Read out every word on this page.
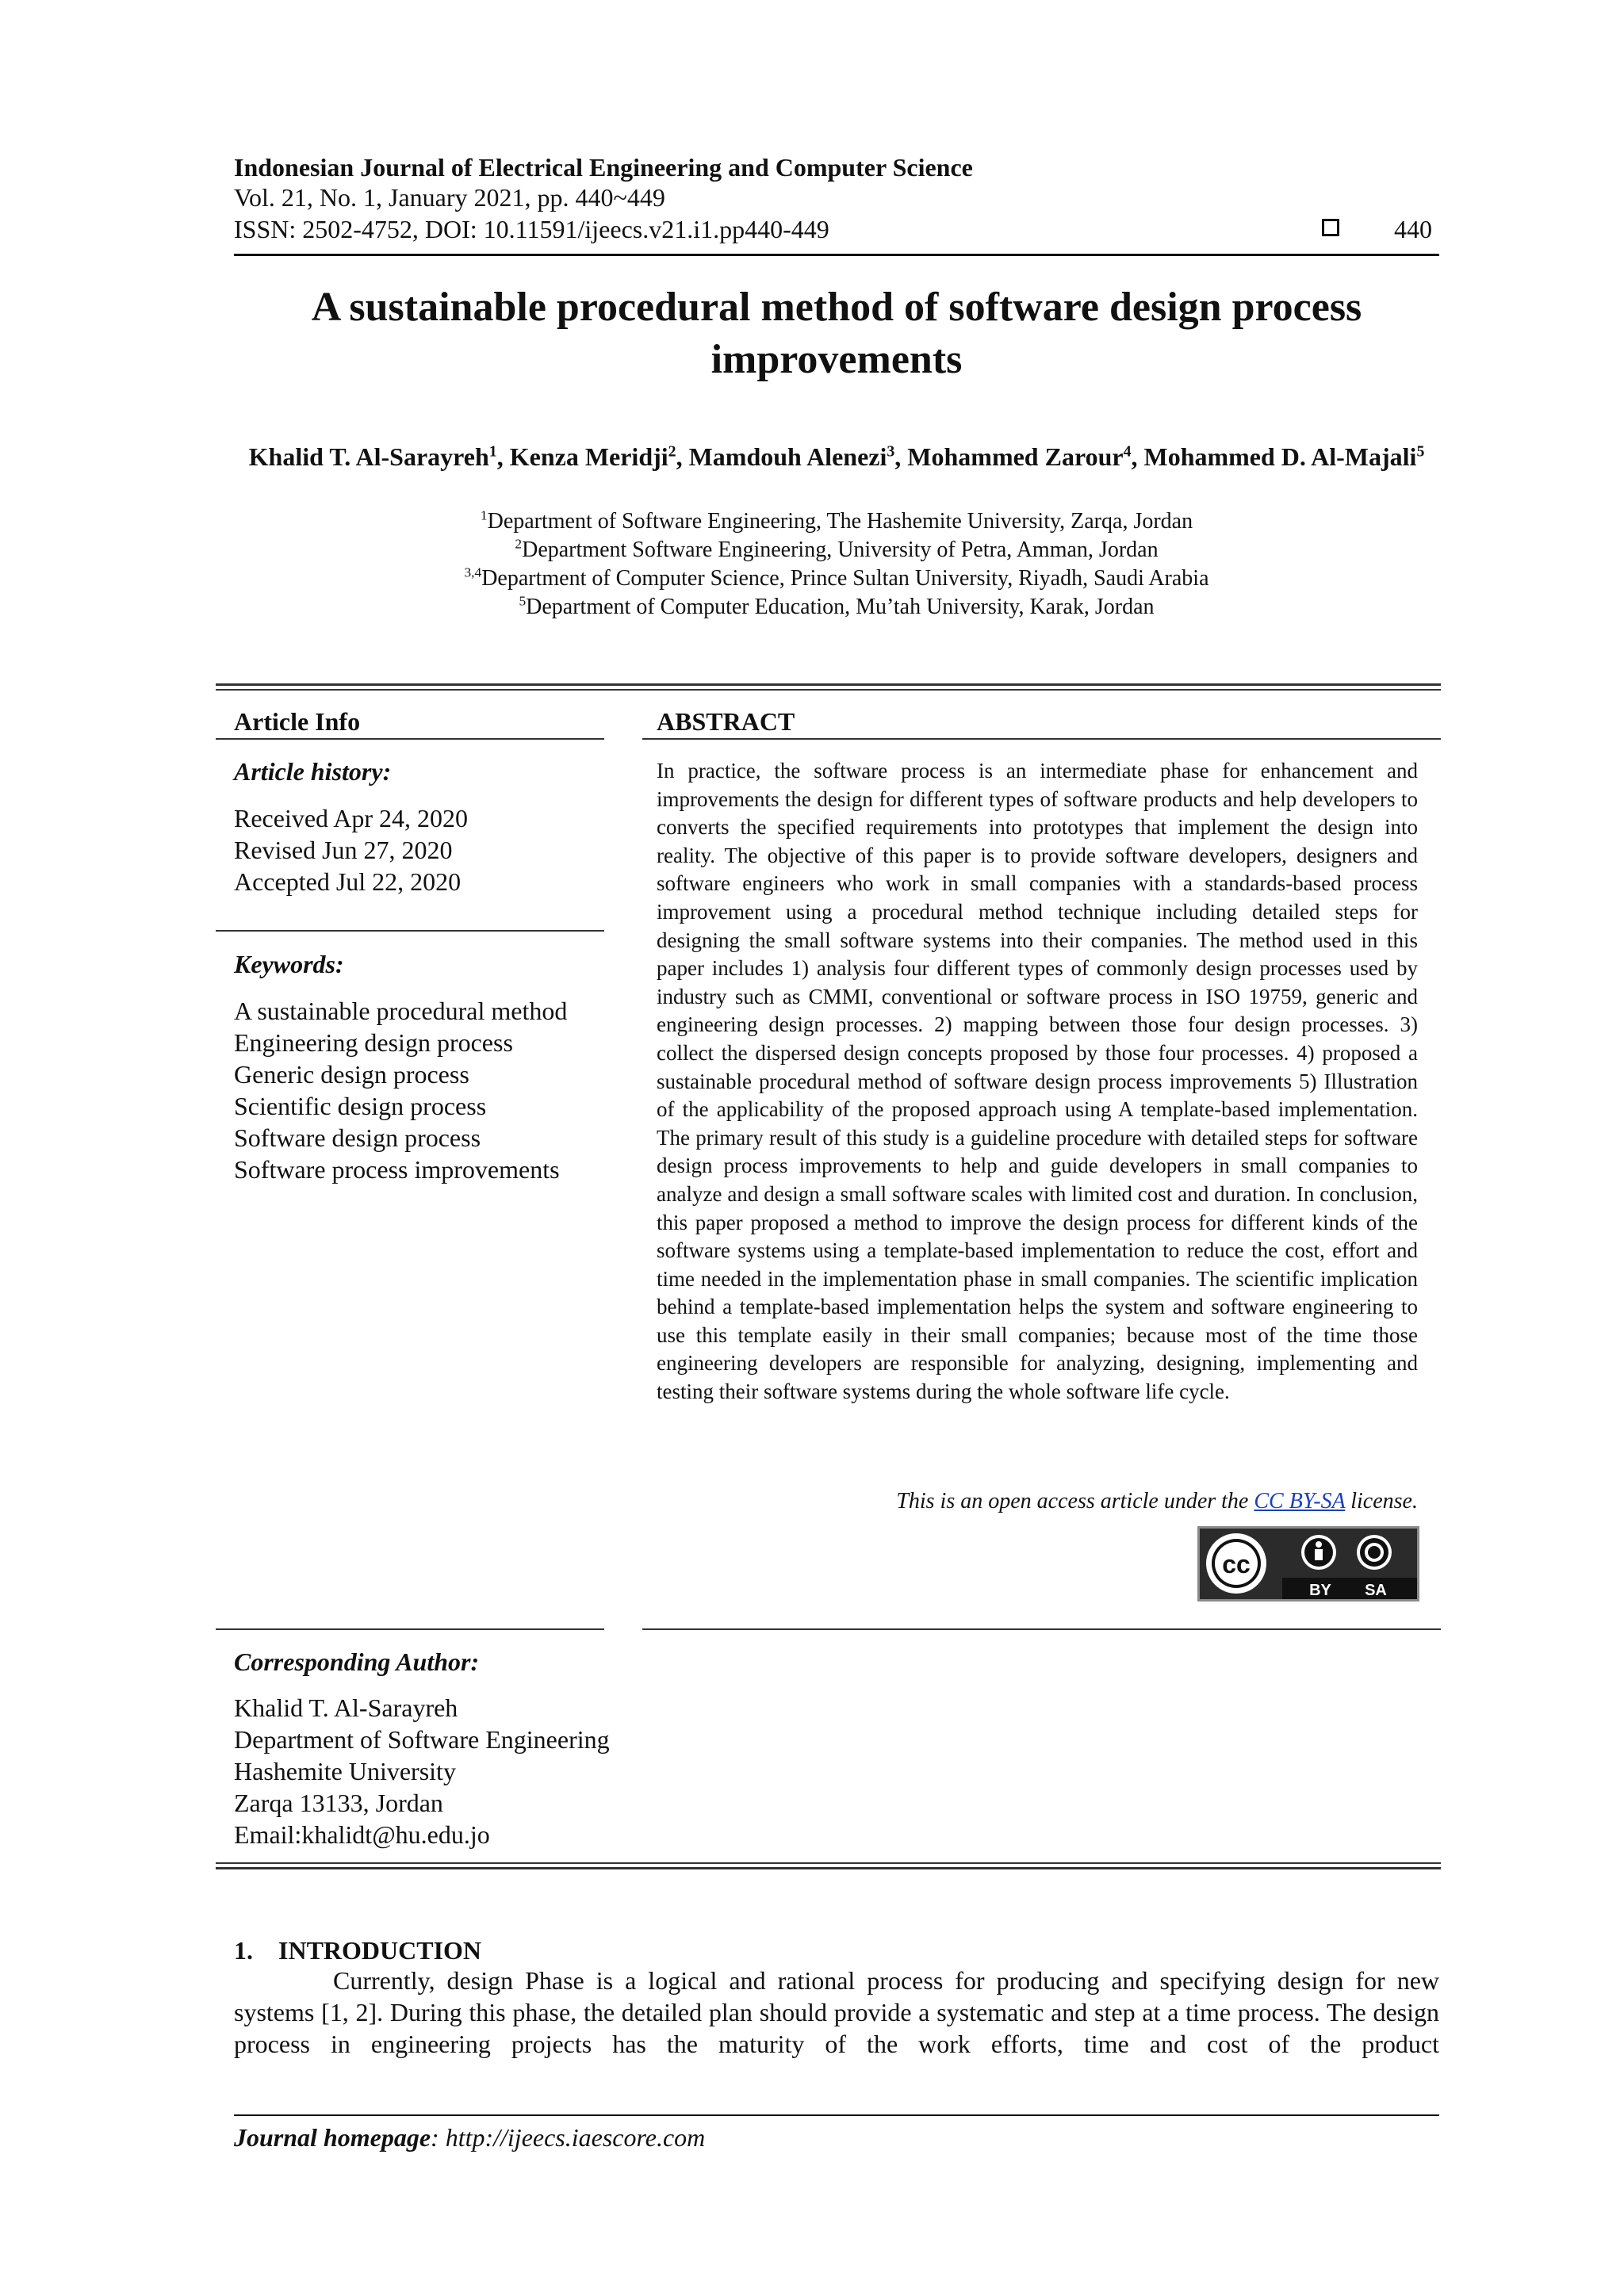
Indonesian Journal of Electrical Engineering and Computer Science
Vol. 21, No. 1, January 2021, pp. 440~449
ISSN: 2502-4752, DOI: 10.11591/ijeecs.v21.i1.pp440-449	440
A sustainable procedural method of software design process improvements
Khalid T. Al-Sarayreh$^1$, Kenza Meridji$^2$, Mamdouh Alenezi$^3$, Mohammed Zarour$^4$, Mohammed D. Al-Majali$^5$
$^1$Department of Software Engineering, The Hashemite University, Zarqa, Jordan
$^2$Department Software Engineering, University of Petra, Amman, Jordan
$^{3,4}$Department of Computer Science, Prince Sultan University, Riyadh, Saudi Arabia
$^5$Department of Computer Education, Mu’tah University, Karak, Jordan
Article Info
Article history:
Received Apr 24, 2020
Revised Jun 27, 2020
Accepted Jul 22, 2020
Keywords:
A sustainable procedural method
Engineering design process
Generic design process
Scientific design process
Software design process
Software process improvements
ABSTRACT
In practice, the software process is an intermediate phase for enhancement and improvements the design for different types of software products and help developers to converts the specified requirements into prototypes that implement the design into reality. The objective of this paper is to provide software developers, designers and software engineers who work in small companies with a standards-based process improvement using a procedural method technique including detailed steps for designing the small software systems into their companies. The method used in this paper includes 1) analysis four different types of commonly design processes used by industry such as CMMI, conventional or software process in ISO 19759, generic and engineering design processes. 2) mapping between those four design processes. 3) collect the dispersed design concepts proposed by those four processes. 4) proposed a sustainable procedural method of software design process improvements 5) Illustration of the applicability of the proposed approach using A template-based implementation. The primary result of this study is a guideline procedure with detailed steps for software design process improvements to help and guide developers in small companies to analyze and design a small software scales with limited cost and duration. In conclusion, this paper proposed a method to improve the design process for different kinds of the software systems using a template-based implementation to reduce the cost, effort and time needed in the implementation phase in small companies. The scientific implication behind a template-based implementation helps the system and software engineering to use this template easily in their small companies; because most of the time those engineering developers are responsible for analyzing, designing, implementing and testing their software systems during the whole software life cycle.
This is an open access article under the CC BY-SA license.
cc
BY SA
Corresponding Author:
Khalid T. Al-Sarayreh
Department of Software Engineering
Hashemite University
Zarqa 13133, Jordan
Email:khalidt@hu.edu.jo
1. INTRODUCTION
Currently, design Phase is a logical and rational process for producing and specifying design for new systems [1, 2]. During this phase, the detailed plan should provide a systematic and step at a time process. The design process in engineering projects has the maturity of the work efforts, time and cost of the product
Journal homepage: http://ijeecs.iaescore.com
